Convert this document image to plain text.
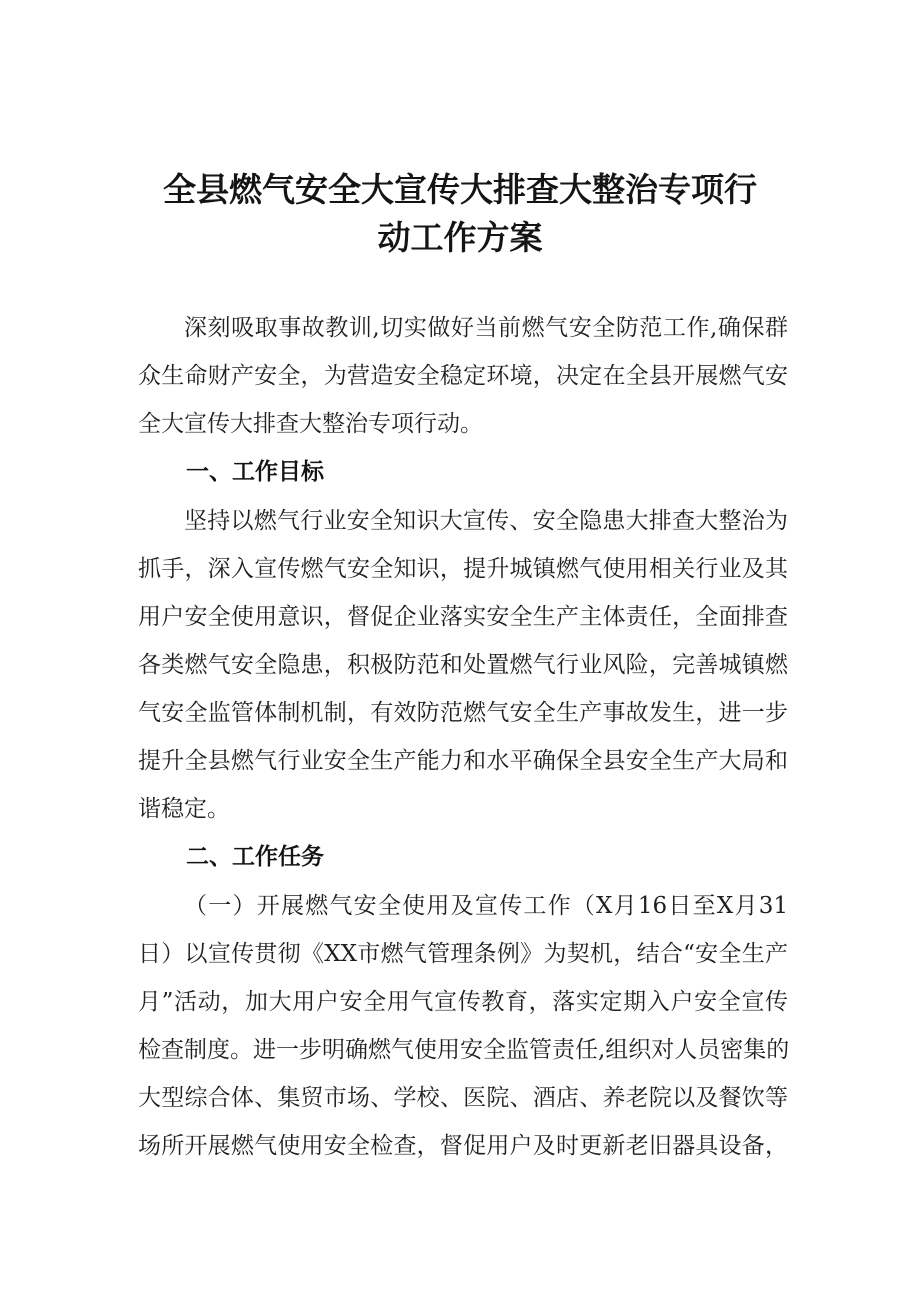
全县燃气安全大宣传大排查大整治专项行
动工作方案
深刻吸取事故教训,切实做好当前燃气安全防范工作,确保群
众生命财产安全，为营造安全稳定环境，决定在全县开展燃气安
全大宣传大排查大整治专项行动。
一、工作目标
坚持以燃气行业安全知识大宣传、安全隐患大排查大整治为
抓手，深入宣传燃气安全知识，提升城镇燃气使用相关行业及其
用户安全使用意识，督促企业落实安全生产主体责任，全面排查
各类燃气安全隐患，积极防范和处置燃气行业风险，完善城镇燃
气安全监管体制机制，有效防范燃气安全生产事故发生，进一步
提升全县燃气行业安全生产能力和水平确保全县安全生产大局和
谐稳定。
二、工作任务
（一）开展燃气安全使用及宣传工作（X月16日至X月31
日）以宣传贯彻《XX市燃气管理条例》为契机，结合“安全生产
月”活动，加大用户安全用气宣传教育，落实定期入户安全宣传
检查制度。进一步明确燃气使用安全监管责任,组织对人员密集的
大型综合体、集贸市场、学校、医院、酒店、养老院以及餐饮等
场所开展燃气使用安全检查，督促用户及时更新老旧器具设备，
